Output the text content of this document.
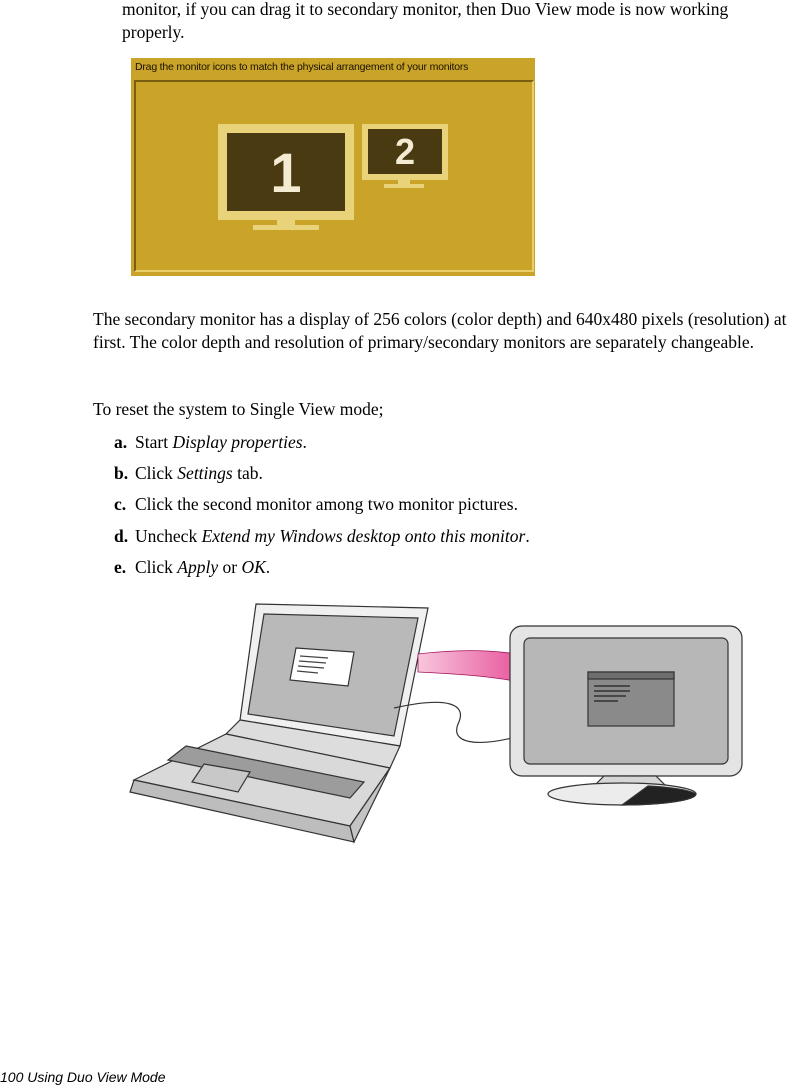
monitor, if you can drag it to secondary monitor, then Duo View mode is now working properly.
Drag the monitor icons to match the physical arrangement of your monitors
1	2
The secondary monitor has a display of 256 colors (color depth) and 640x480 pixels (resolution) at first. The color depth and resolution of primary/secondary monitors are separately changeable.
To reset the system to Single View mode;
a. Start Display properties.
b. Click Settings tab.
c. Click the second monitor among two monitor pictures.
d. Uncheck Extend my Windows desktop onto this monitor.
e. Click Apply or OK.
100 Using Duo View Mode
